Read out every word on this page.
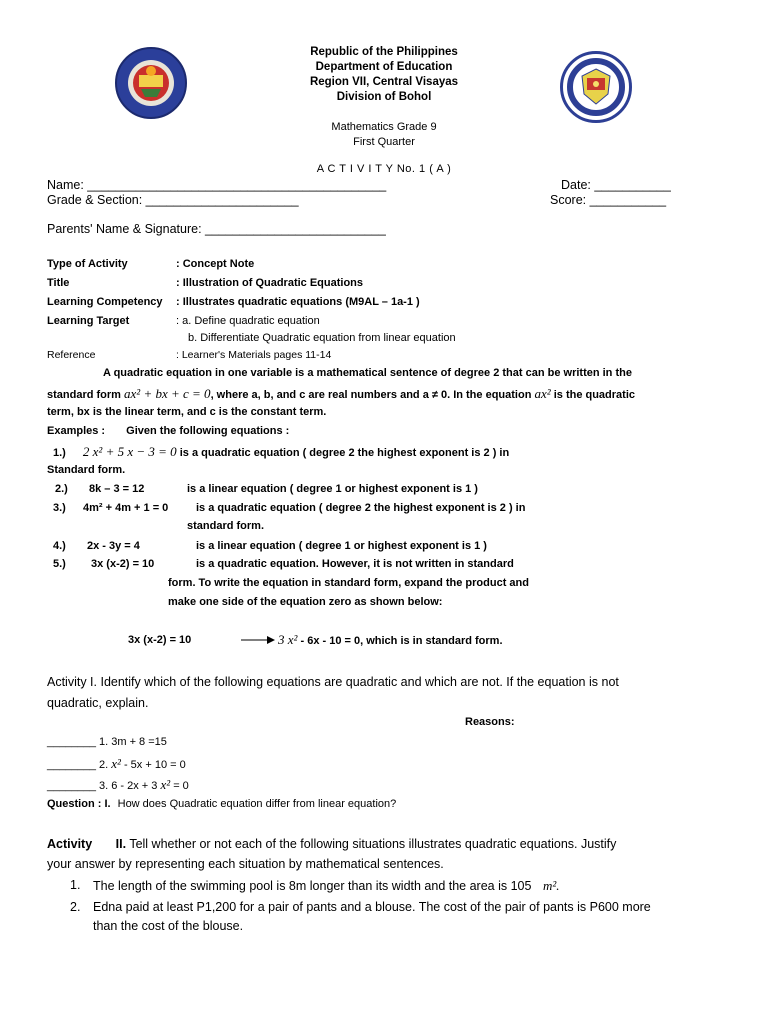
Republic of the Philippines
Department of Education
Region VII, Central Visayas
Division of Bohol
Mathematics Grade 9
First Quarter
A C T I V I T Y No. 1 ( A )
Name: ___________________________________________	Date: ___________
Grade & Section: ______________________	Score: ___________
Parents' Name & Signature: __________________________
Type of Activity	: Concept Note
Title	: Illustration of Quadratic Equations
Learning Competency : Illustrates quadratic equations (M9AL – 1a-1 )
Learning Target	: a. Define quadratic equation
b. Differentiate Quadratic equation from linear equation
Reference	: Learner's Materials pages 11-14
A quadratic equation in one variable is a mathematical sentence of degree 2 that can be written in the
standard form ax² + bx + c = 0, where a, b, and c are real numbers and a ≠ 0. In the equation ax² is the quadratic
term, bx is the linear term, and c is the constant term.
Examples : Given the following equations :
1.) 2 x² + 5 x − 3 = 0 is a quadratic equation ( degree 2 the highest exponent is 2 ) in
Standard form.
2.) 8k – 3 = 12	is a linear equation ( degree 1 or highest exponent is 1 )
3.) 4m² + 4m + 1 = 0	is a quadratic equation ( degree 2 the highest exponent is 2 ) in
standard form.
4.) 2x - 3y = 4	is a linear equation ( degree 1 or highest exponent is 1 )
5.) 3x (x-2) = 10	is a quadratic equation. However, it is not written in standard
form. To write the equation in standard form, expand the product and
make one side of the equation zero as shown below:
3x (x-2) = 10	3 x² - 6x - 10 = 0, which is in standard form.
Activity I. Identify which of the following equations are quadratic and which are not. If the equation is not
quadratic, explain.
Reasons:
________ 1. 3m + 8 =15
________ 2. x² - 5x + 10 = 0
________ 3. 6 - 2x + 3 x² = 0
Question : I. How does Quadratic equation differ from linear equation?
Activity II. Tell whether or not each of the following situations illustrates quadratic equations. Justify
your answer by representing each situation by mathematical sentences.
1. The length of the swimming pool is 8m longer than its width and the area is 105 m².
2. Edna paid at least P1,200 for a pair of pants and a blouse. The cost of the pair of pants is P600 more
than the cost of the blouse.
